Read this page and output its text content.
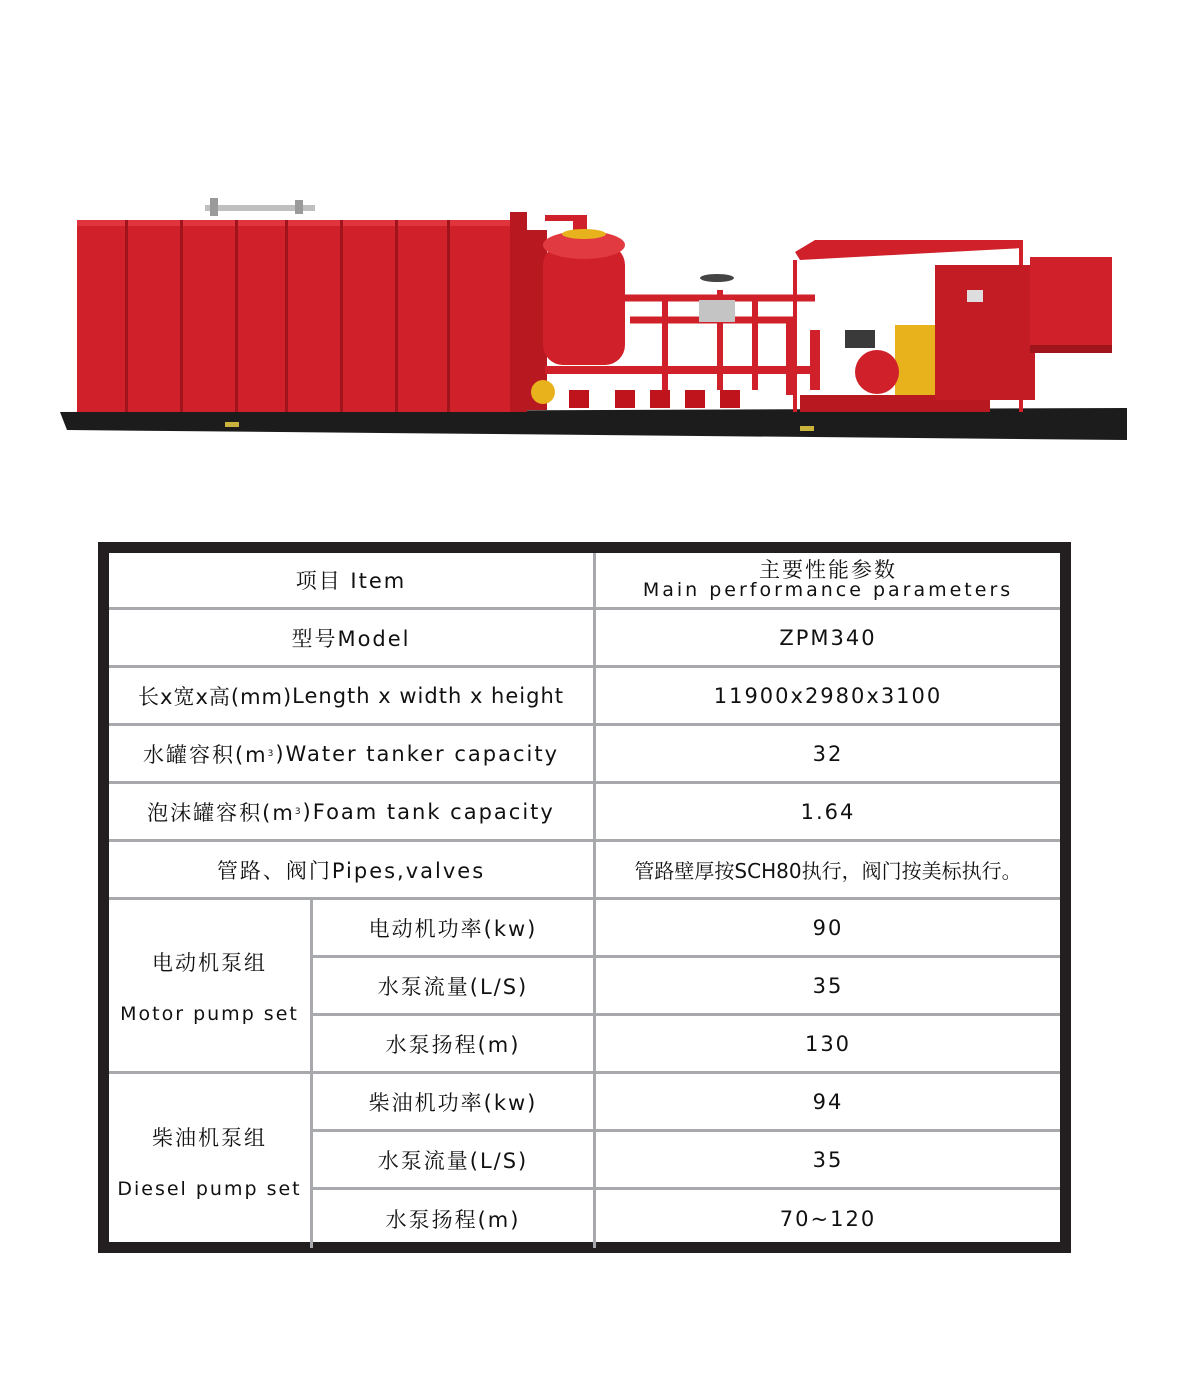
项目 Item	主要性能参数
Main performance parameters
型号Model	ZPM340
长x宽x高(mm) Length x width x height	11900x2980x3100
水罐容积(m 3 )Water tanker capacity	32
泡沫罐容积(m 3 )Foam tank capacity	1.64
管路、阀门Pipes,valves	管路壁厚按SCH80执行，阀门按美标执行。
电动机泵组
Motor pump set
电动机功率(kw)	90
水泵流量(L/S)	35
水泵扬程(m)	130
柴油机泵组
Diesel pump set
柴油机功率(kw)	94
水泵流量(L/S)	35
水泵扬程(m)	70~120
